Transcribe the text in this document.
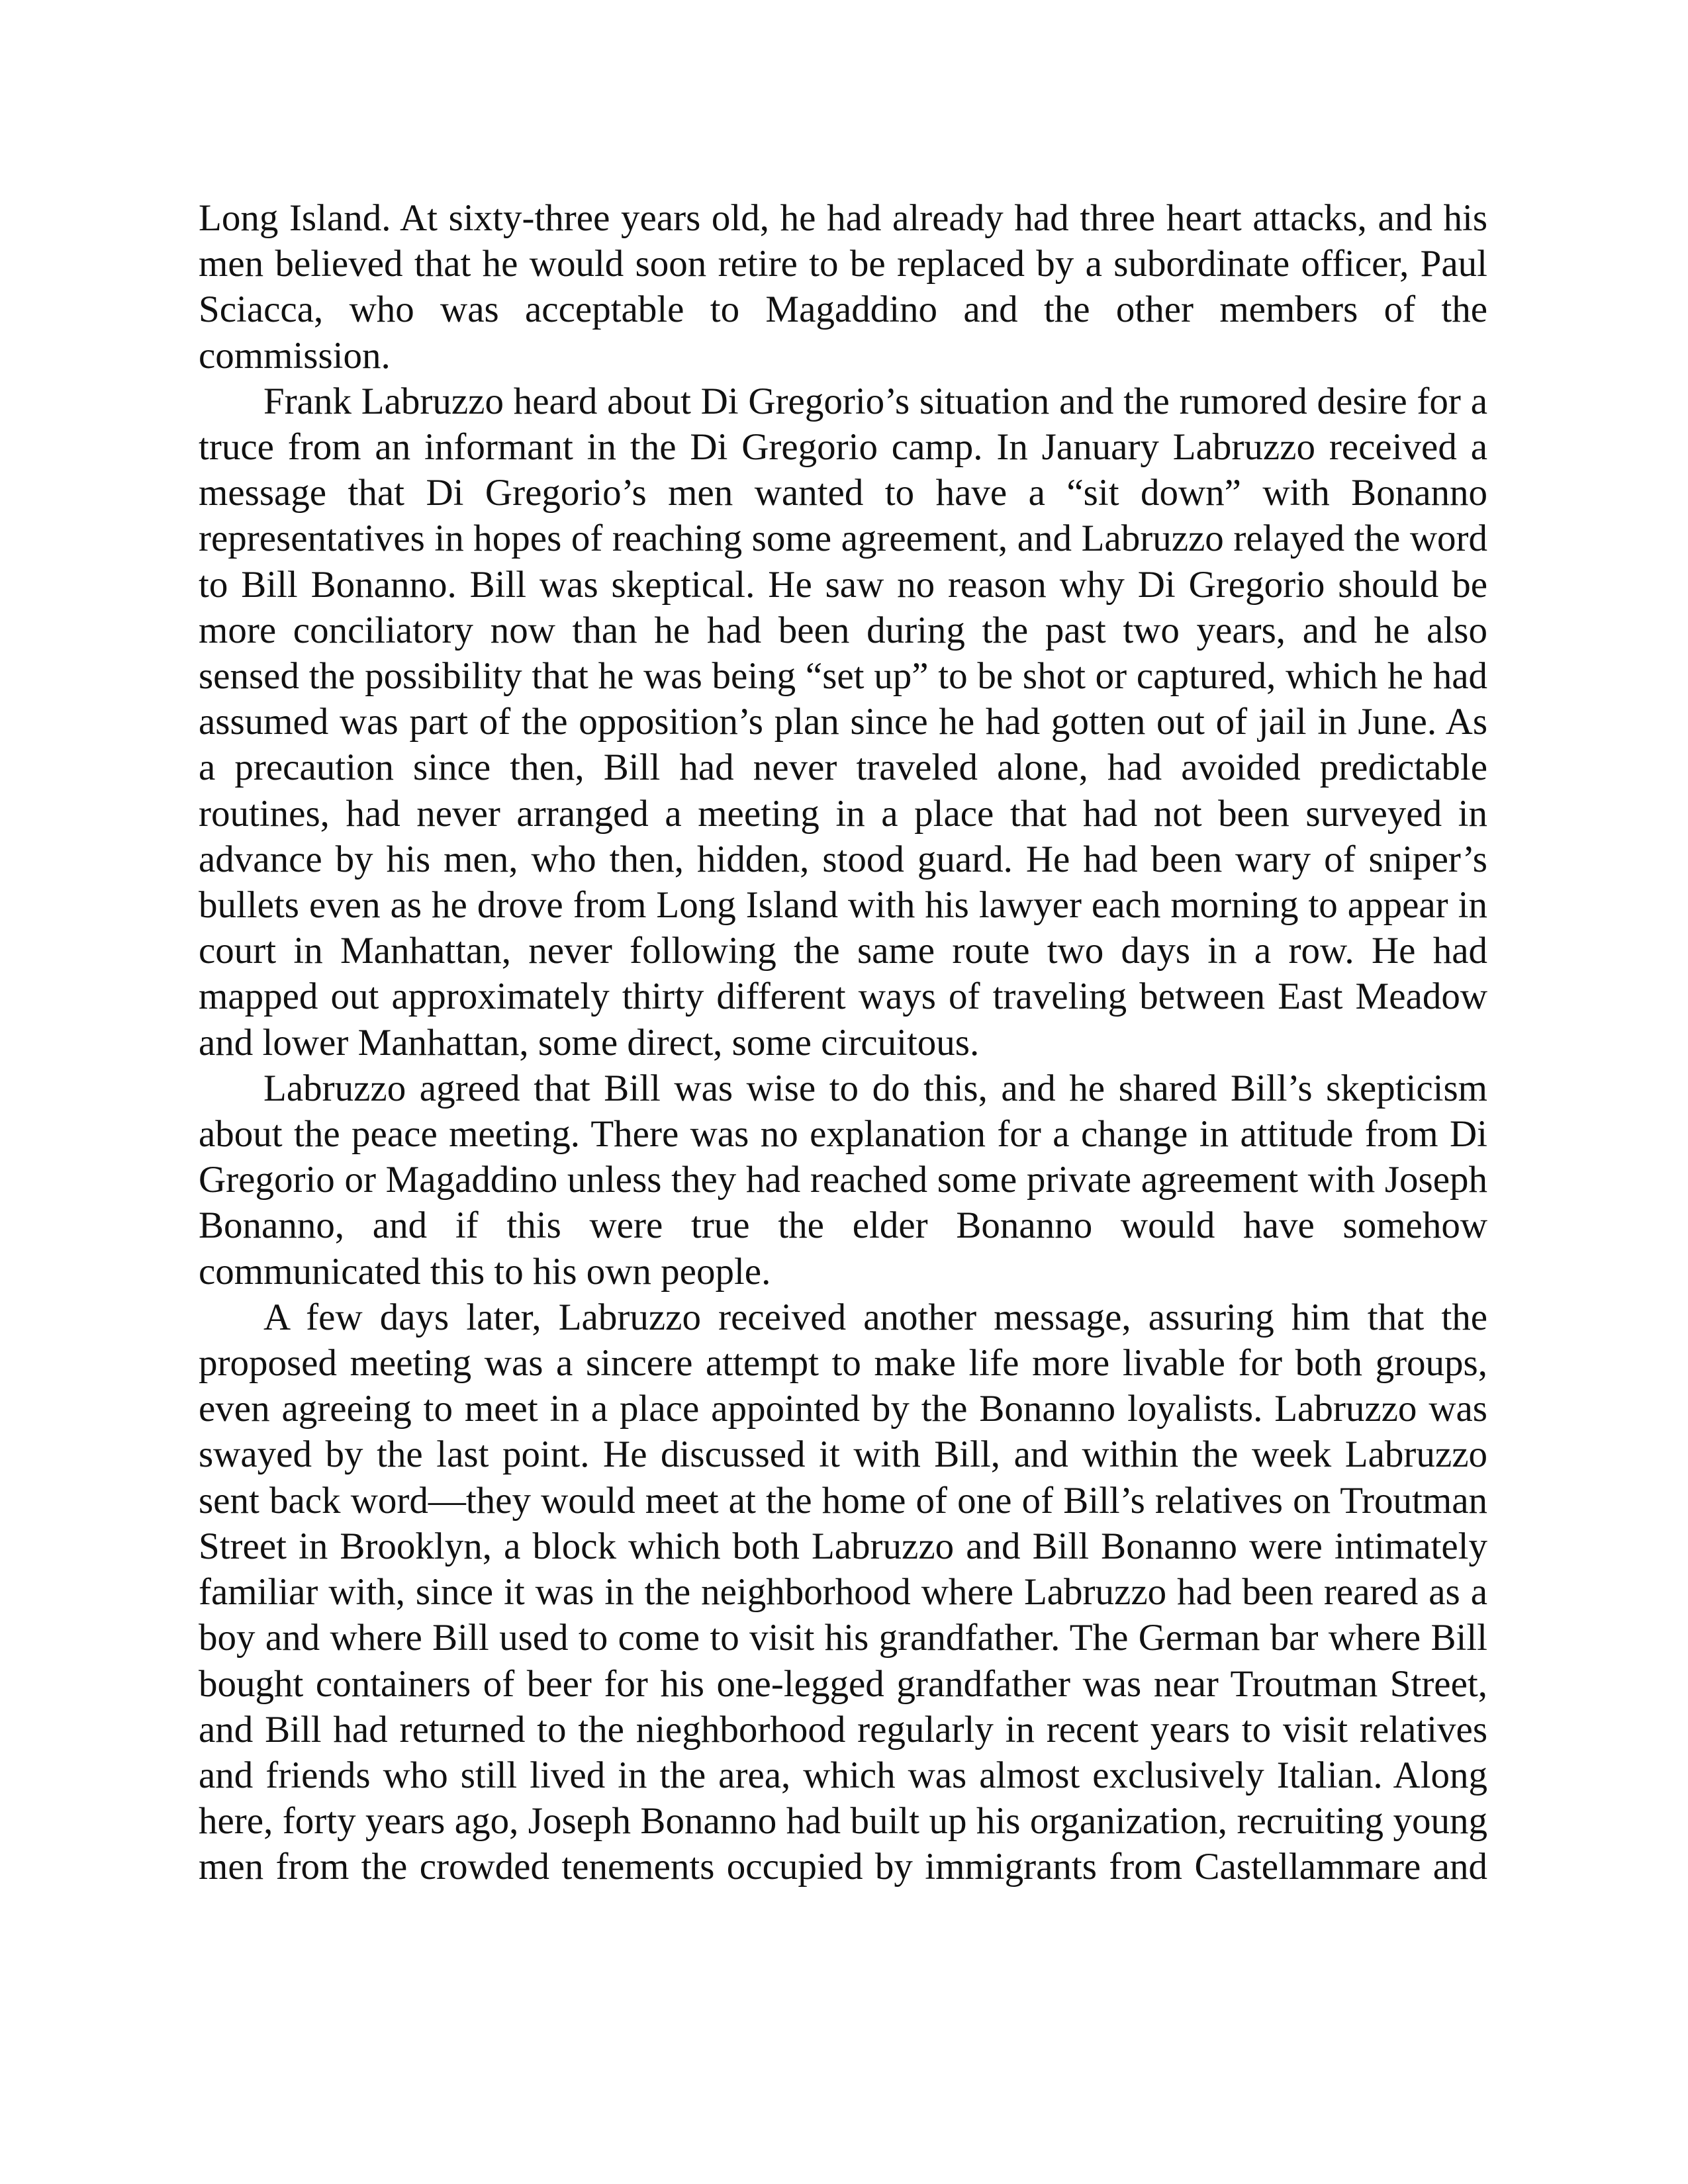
Long Island. At sixty-three years old, he had already had three heart attacks, and his men believed that he would soon retire to be replaced by a subordinate officer, Paul Sciacca, who was acceptable to Magaddino and the other members of the commission.

Frank Labruzzo heard about Di Gregorio’s situation and the rumored desire for a truce from an informant in the Di Gregorio camp. In January Labruzzo received a message that Di Gregorio’s men wanted to have a “sit down” with Bonanno representatives in hopes of reaching some agreement, and Labruzzo relayed the word to Bill Bonanno. Bill was skeptical. He saw no reason why Di Gregorio should be more conciliatory now than he had been during the past two years, and he also sensed the possibility that he was being “set up” to be shot or captured, which he had assumed was part of the opposition’s plan since he had gotten out of jail in June. As a precaution since then, Bill had never traveled alone, had avoided predictable routines, had never arranged a meeting in a place that had not been surveyed in advance by his men, who then, hidden, stood guard. He had been wary of sniper’s bullets even as he drove from Long Island with his lawyer each morning to appear in court in Manhattan, never following the same route two days in a row. He had mapped out approximately thirty different ways of traveling between East Meadow and lower Manhattan, some direct, some circuitous.

Labruzzo agreed that Bill was wise to do this, and he shared Bill’s skepticism about the peace meeting. There was no explanation for a change in attitude from Di Gregorio or Magaddino unless they had reached some private agreement with Joseph Bonanno, and if this were true the elder Bonanno would have somehow communicated this to his own people.

A few days later, Labruzzo received another message, assuring him that the proposed meeting was a sincere attempt to make life more livable for both groups, even agreeing to meet in a place appointed by the Bonanno loyalists. Labruzzo was swayed by the last point. He discussed it with Bill, and within the week Labruzzo sent back word—they would meet at the home of one of Bill’s relatives on Troutman Street in Brooklyn, a block which both Labruzzo and Bill Bonanno were intimately familiar with, since it was in the neighborhood where Labruzzo had been reared as a boy and where Bill used to come to visit his grandfather. The German bar where Bill bought containers of beer for his one-legged grandfather was near Troutman Street, and Bill had returned to the nieghborhood regularly in recent years to visit relatives and friends who still lived in the area, which was almost exclusively Italian. Along here, forty years ago, Joseph Bonanno had built up his organization, recruiting young men from the crowded tenements occupied by immigrants from Castellammare and
